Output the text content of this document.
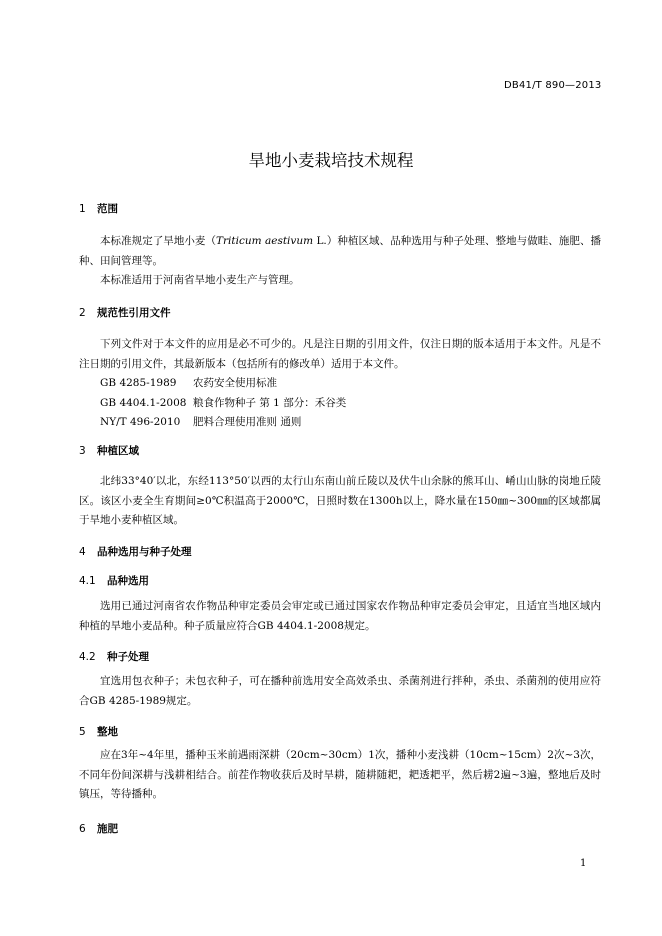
DB41/T 890—2013
旱地小麦栽培技术规程
1 范围

本标准规定了旱地小麦（Triticum aestivum L.）种植区域、品种选用与种子处理、整地与做畦、施肥、播种、田间管理等。

本标准适用于河南省旱地小麦生产与管理。

2 规范性引用文件

下列文件对于本文件的应用是必不可少的。凡是注日期的引用文件，仅注日期的版本适用于本文件。凡是不注日期的引用文件，其最新版本（包括所有的修改单）适用于本文件。

GB 4285-1989 农药安全使用标准

GB 4404.1-2008 粮食作物种子 第 1 部分：禾谷类

NY/T 496-2010 肥料合理使用准则 通则

3 种植区域

北纬33°40′以北，东经113°50′以西的太行山东南山前丘陵以及伏牛山余脉的熊耳山、崤山山脉的岗地丘陵区。该区小麦全生育期间≥0℃积温高于2000℃，日照时数在1300h以上，降水量在150㎜~300㎜的区域都属于旱地小麦种植区域。

4 品种选用与种子处理
4.1 品种选用

选用已通过河南省农作物品种审定委员会审定或已通过国家农作物品种审定委员会审定，且适宜当地区域内种植的旱地小麦品种。种子质量应符合GB 4404.1-2008规定。

4.2 种子处理

宜选用包衣种子；未包衣种子，可在播种前选用安全高效杀虫、杀菌剂进行拌种，杀虫、杀菌剂的使用应符合GB 4285-1989规定。

5 整地

应在3年~4年里，播种玉米前遇雨深耕（20cm~30cm）1次，播种小麦浅耕（10cm~15cm）2次~3次，不同年份间深耕与浅耕相结合。前茬作物收获后及时旱耕，随耕随耙，耙透耙平，然后耢2遍~3遍，整地后及时镇压，等待播种。

6 施肥
1
